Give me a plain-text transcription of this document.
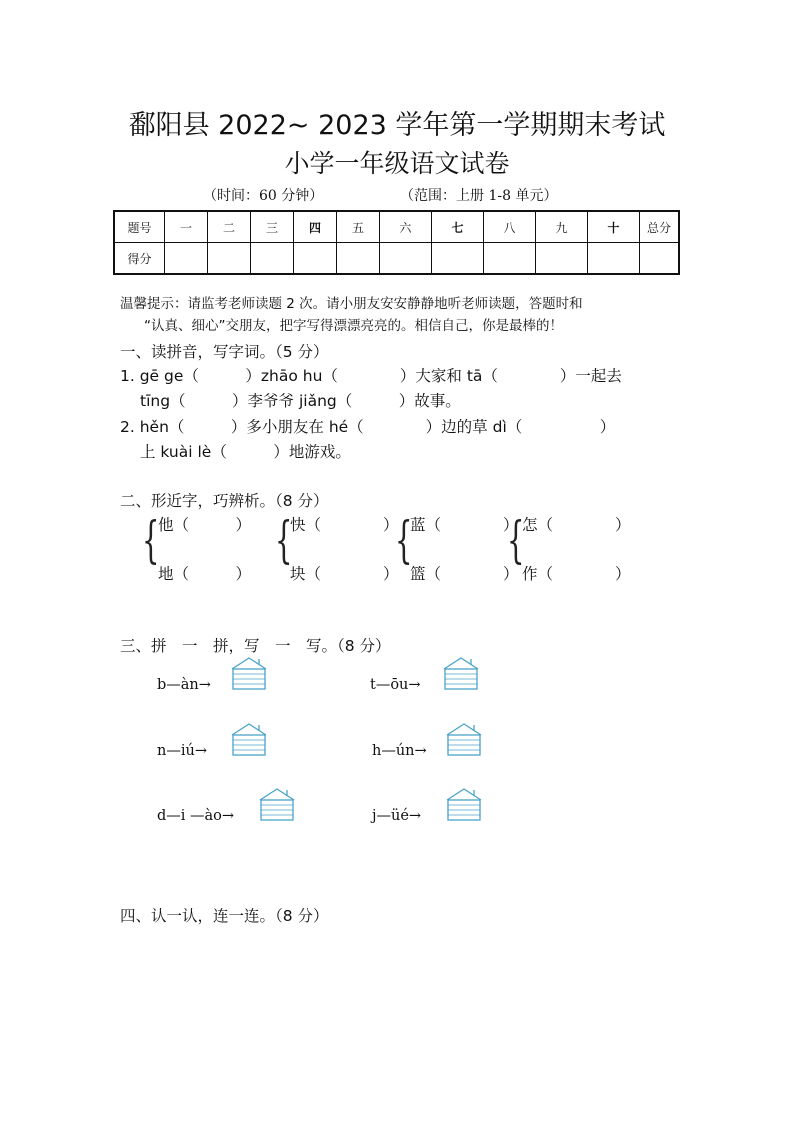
鄱阳县 2022~ 2023 学年第一学期期末考试
小学一年级语文试卷
（时间：60 分钟）	（范围：上册 1-8 单元）
题号	一	二	三	四	五	六	七	八	九	十	总分
得分											
温馨提示：请监考老师读题 2 次。请小朋友安安静静地听老师读题，答题时和
“认真、细心”交朋友，把字写得漂漂亮亮的。相信自己，你是最棒的！
一、读拼音，写字词。（5 分）
1. gē ge（　　　）zhāo hu（　　　　）大家和 tā（　　　　）一起去
tīng（　　　）李爷爷 jiǎng（　　　）故事。
2. hěn（　　　）多小朋友在 hé（　　　　）边的草 dì（　　　　　）
上 kuài lè（　　　）地游戏。
二、形近字，巧辨析。（8 分）
{
他（　　　）
地（　　　）
{
快（　　　　）
块（　　　　）
{
蓝（　　　　）
篮（　　　　）
{
怎（　　　　）
作（　　　　）
三、拼　一　拼，写　一　写。（8 分）
b—àn→	t—ōu→
n—iú→	h—ún→
d—i —ào→	j—üé→
四、认一认，连一连。（8 分）
